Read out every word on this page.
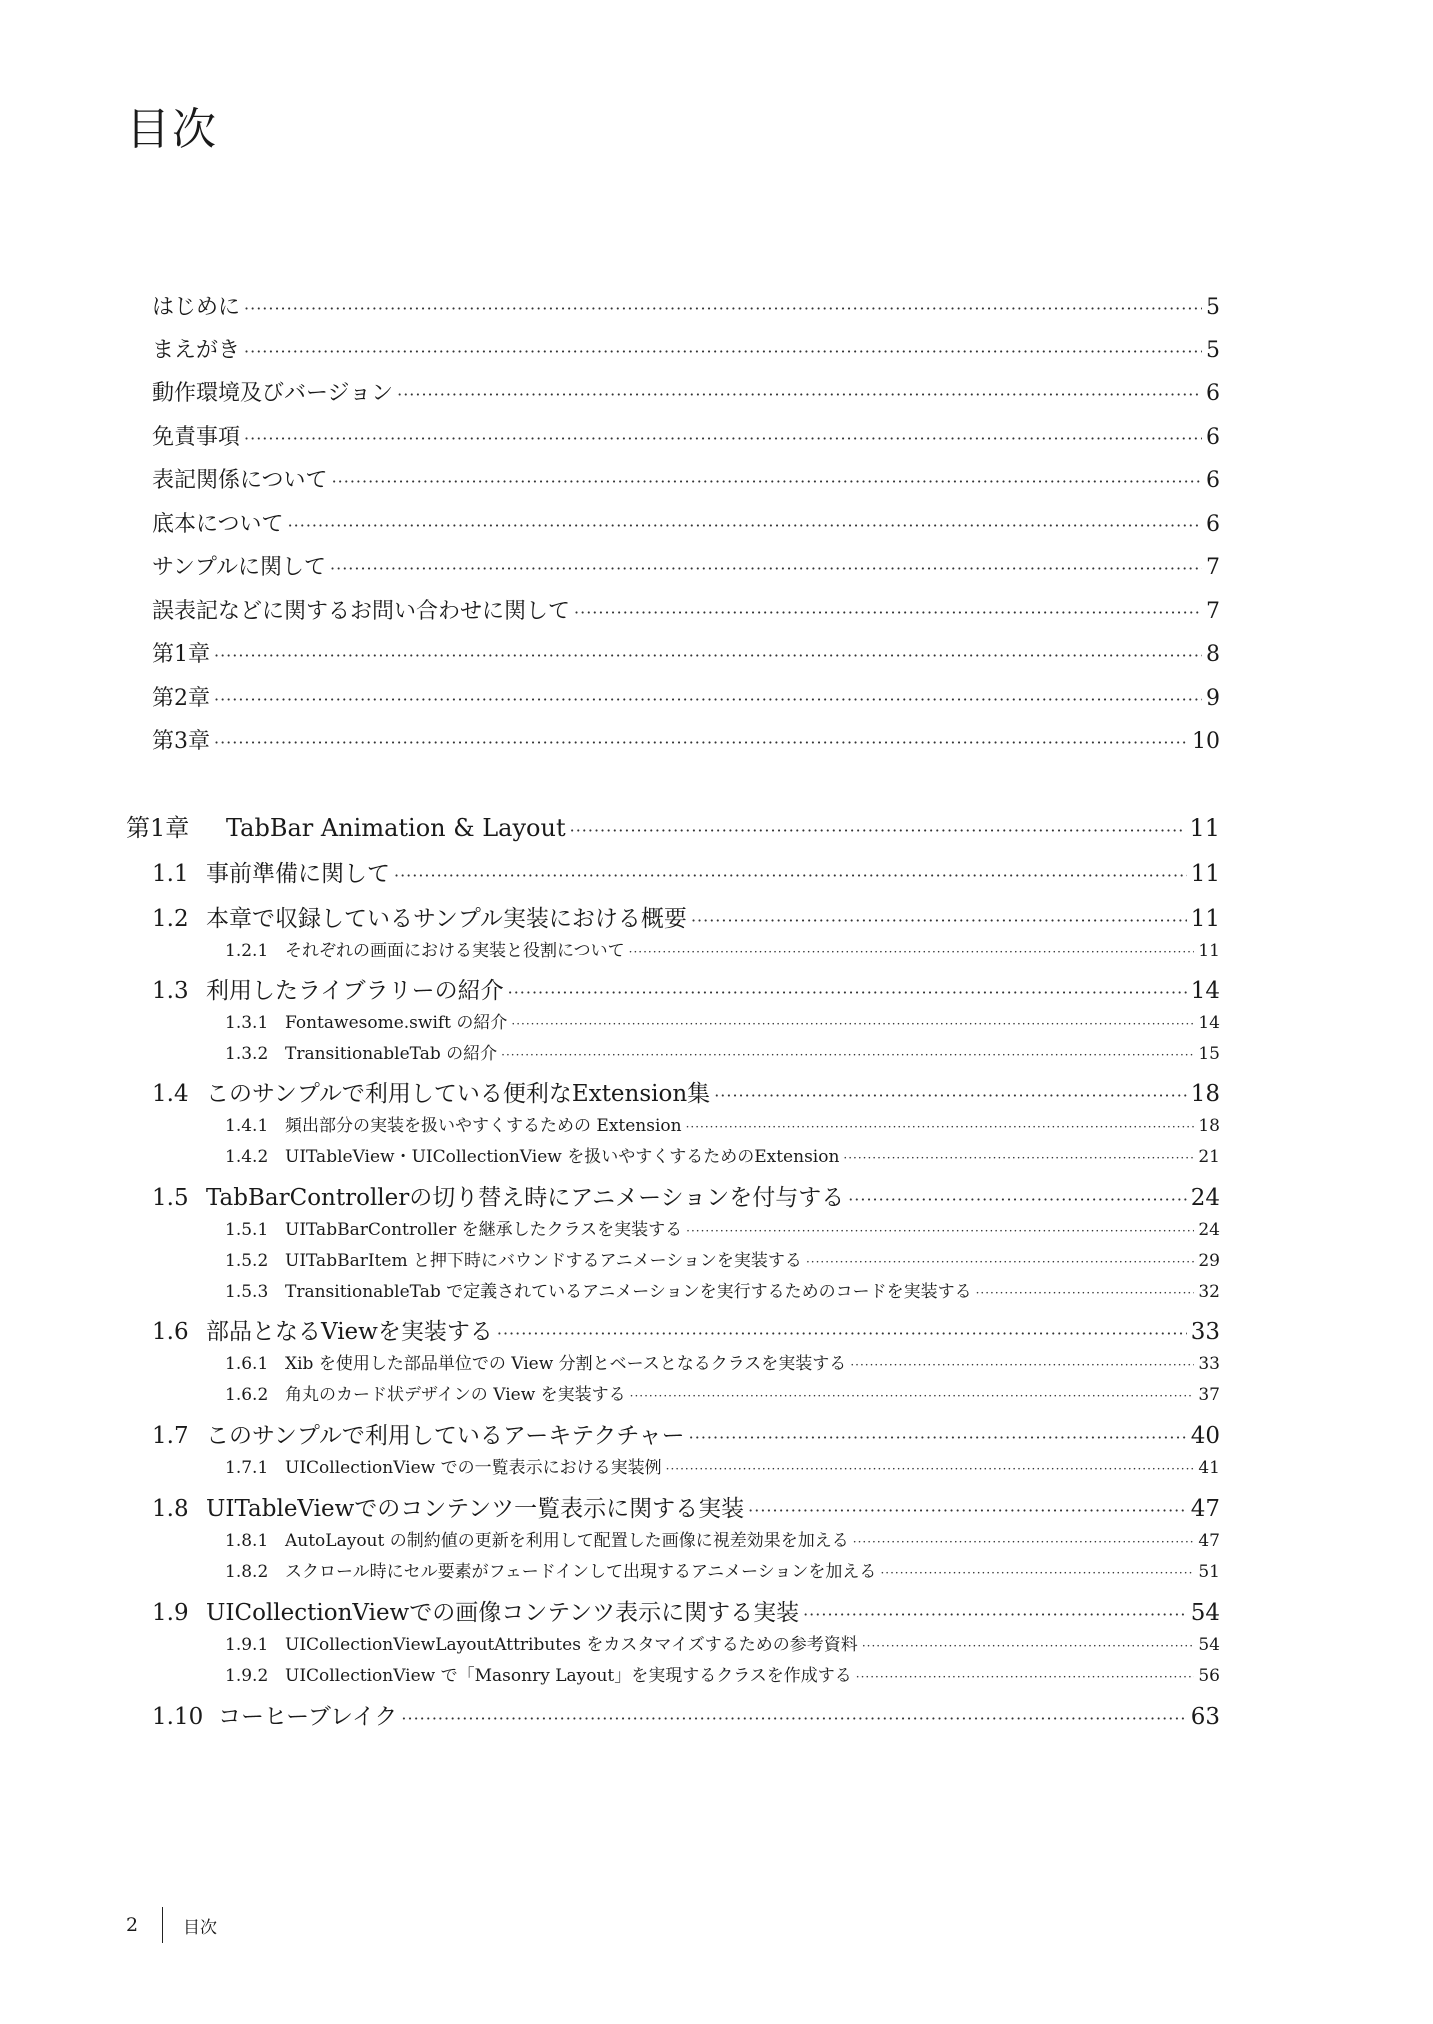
目次
はじめに ·····	5
まえがき ·····	5
動作環境及びバージョン ·····	6
免責事項 ·····	6
表記関係について ·····	6
底本について ·····	6
サンプルに関して ·····	7
誤表記などに関するお問い合わせに関して ·····	7
第1章 ·····	8
第2章 ·····	9
第3章 ·····	10
第1章	TabBar Animation & Layout ·····	11
1.1 事前準備に関して ·····	11
1.2 本章で収録しているサンプル実装における概要 ·····	11
1.2.1 それぞれの画面における実装と役割について ·····	11
1.3 利用したライブラリーの紹介 ·····	14
1.3.1 Fontawesome.swift の紹介 ·····	14
1.3.2 TransitionableTab の紹介 ·····	15
1.4 このサンプルで利用している便利なExtension集 ·····	18
1.4.1 頻出部分の実装を扱いやすくするための Extension ·····	18
1.4.2 UITableView・UICollectionView を扱いやすくするためのExtension ·····	21
1.5 TabBarControllerの切り替え時にアニメーションを付与する ·····	24
1.5.1 UITabBarController を継承したクラスを実装する ·····	24
1.5.2 UITabBarItem と押下時にバウンドするアニメーションを実装する ·····	29
1.5.3 TransitionableTab で定義されているアニメーションを実行するためのコードを実装する ·····	32
1.6 部品となるViewを実装する ·····	33
1.6.1 Xib を使用した部品単位での View 分割とベースとなるクラスを実装する ·····	33
1.6.2 角丸のカード状デザインの View を実装する ·····	37
1.7 このサンプルで利用しているアーキテクチャー ·····	40
1.7.1 UICollectionView での一覧表示における実装例 ·····	41
1.8 UITableViewでのコンテンツ一覧表示に関する実装 ·····	47
1.8.1 AutoLayout の制約値の更新を利用して配置した画像に視差効果を加える ·····	47
1.8.2 スクロール時にセル要素がフェードインして出現するアニメーションを加える ·····	51
1.9 UICollectionViewでの画像コンテンツ表示に関する実装 ·····	54
1.9.1 UICollectionViewLayoutAttributes をカスタマイズするための参考資料 ·····	54
1.9.2 UICollectionView で「Masonry Layout」を実現するクラスを作成する ·····	56
1.10 コーヒーブレイク ·····	63
2	目次
